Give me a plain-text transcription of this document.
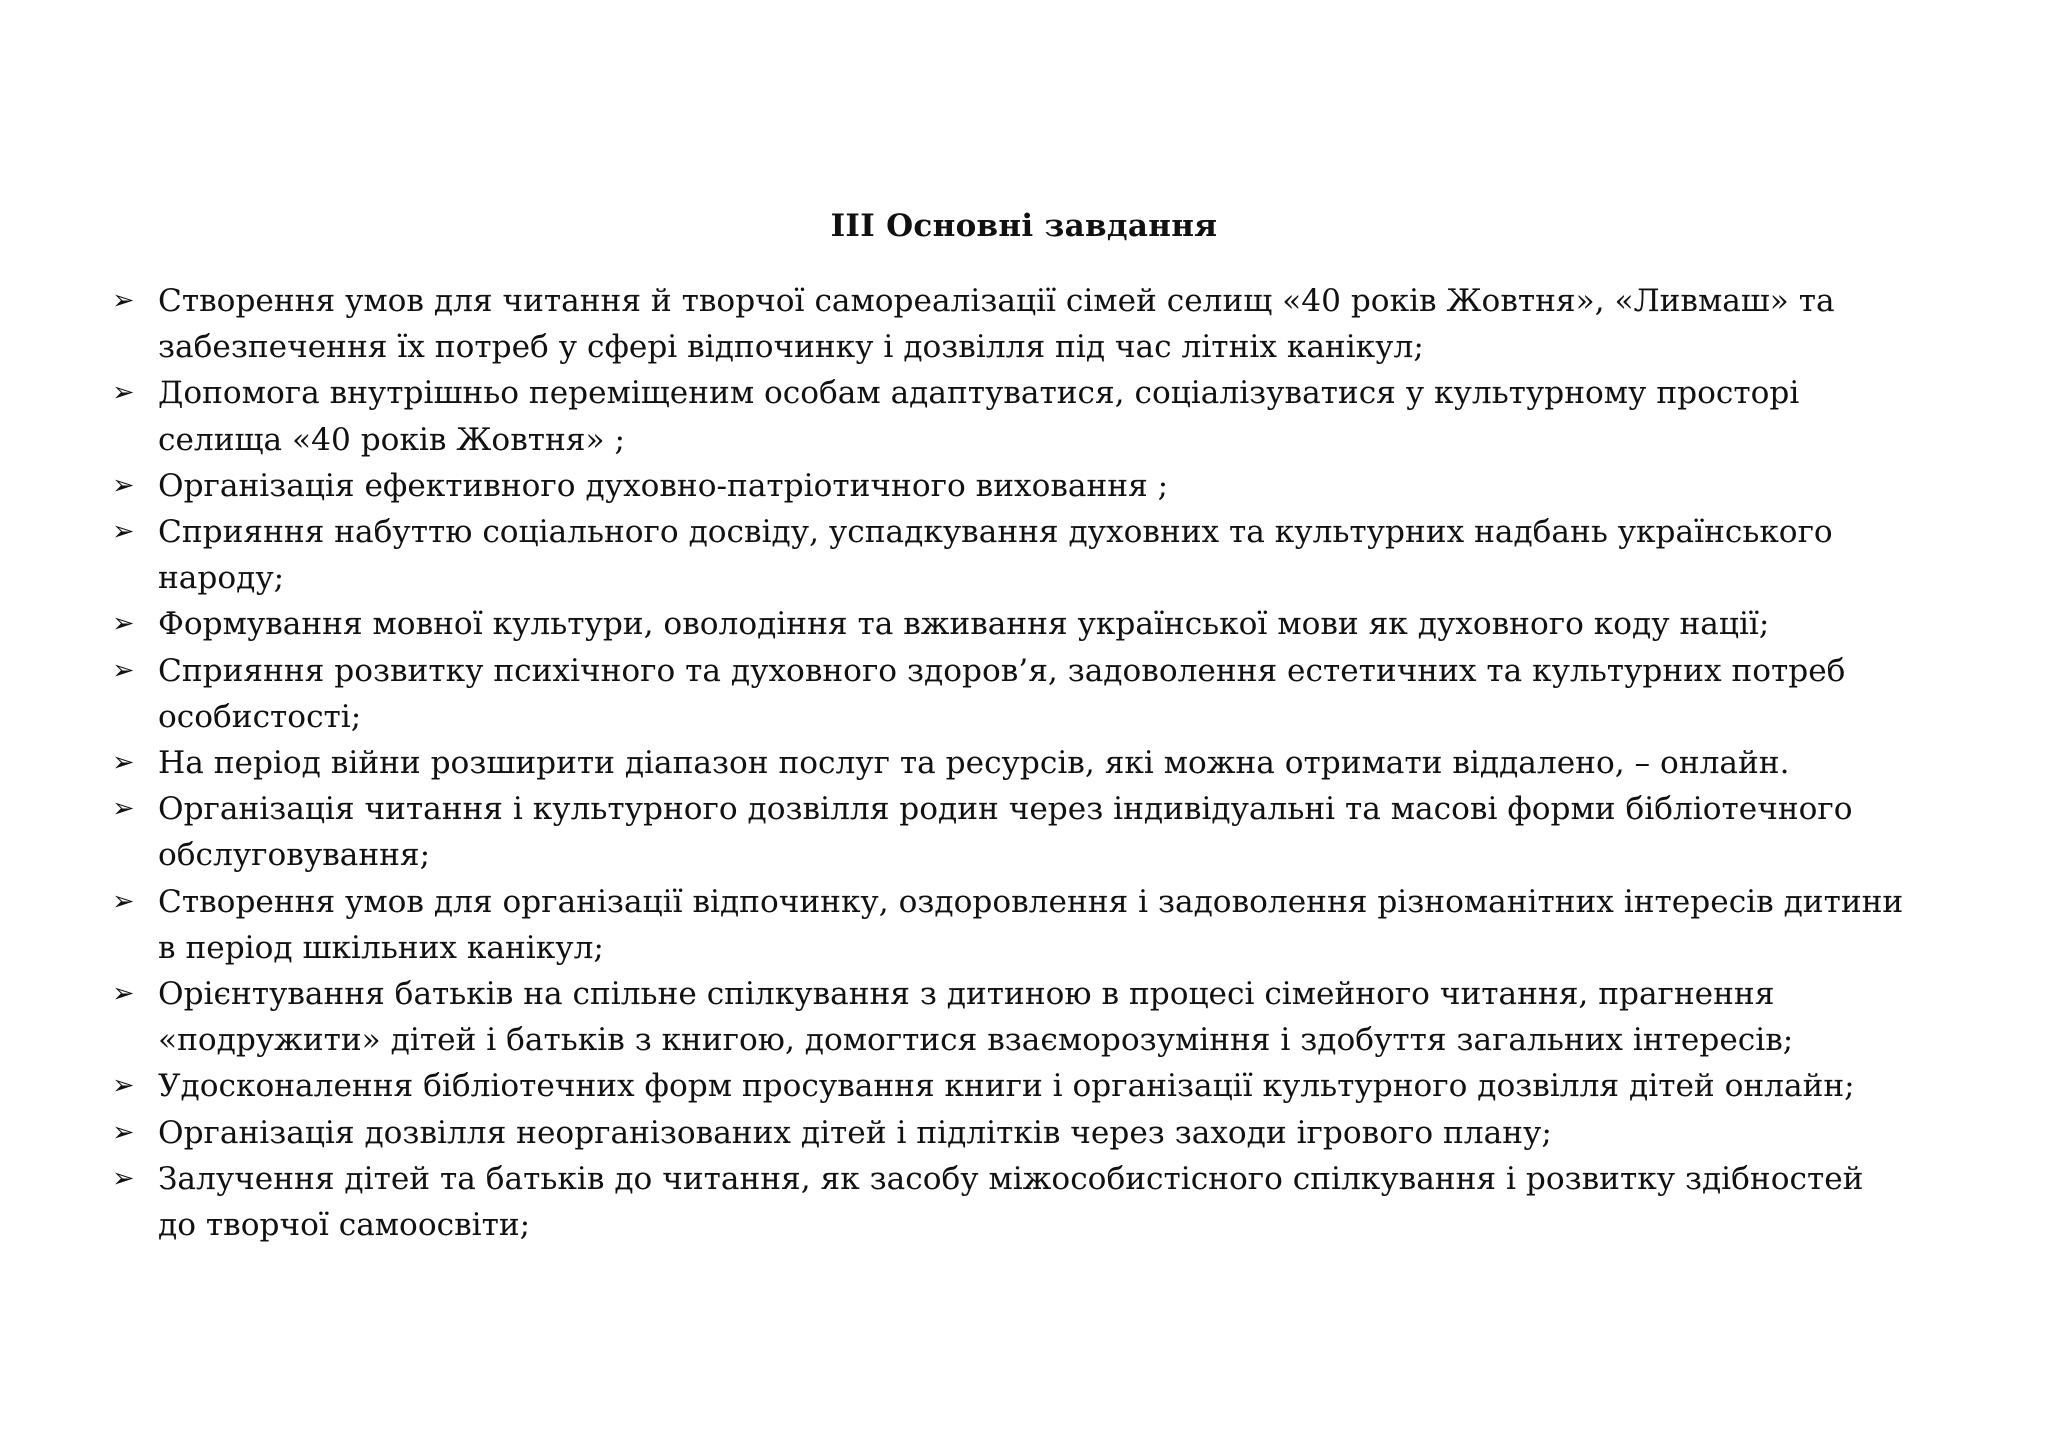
III Основні завдання
➢ Створення умов для читання й творчої самореалізації сімей селищ «40 років Жовтня», «Ливмаш» та
забезпечення їх потреб у сфері відпочинку і дозвілля під час літніх канікул;
➢ Допомога внутрішньо переміщеним особам адаптуватися, соціалізуватися у культурному просторі
селища «40 років Жовтня» ;
➢ Організація ефективного духовно-патріотичного виховання ;
➢ Сприяння набуттю соціального досвіду, успадкування духовних та культурних надбань українського
народу;
➢ Формування мовної культури, оволодіння та вживання української мови як духовного коду нації;
➢ Сприяння розвитку психічного та духовного здоров’я, задоволення естетичних та культурних потреб
особистості;
➢ На період війни розширити діапазон послуг та ресурсів, які можна отримати віддалено, – онлайн.
➢ Організація читання і культурного дозвілля родин через індивідуальні та масові форми бібліотечного
обслуговування;
➢ Створення умов для організації відпочинку, оздоровлення і задоволення різноманітних інтересів дитини
в період шкільних канікул;
➢ Орієнтування батьків на спільне спілкування з дитиною в процесі сімейного читання, прагнення
«подружити» дітей і батьків з книгою, домогтися взаєморозуміння і здобуття загальних інтересів;
➢ Удосконалення бібліотечних форм просування книги і організації культурного дозвілля дітей онлайн;
➢ Організація дозвілля неорганізованих дітей і підлітків через заходи ігрового плану;
➢ Залучення дітей та батьків до читання, як засобу міжособистісного спілкування і розвитку здібностей
до творчої самоосвіти;
